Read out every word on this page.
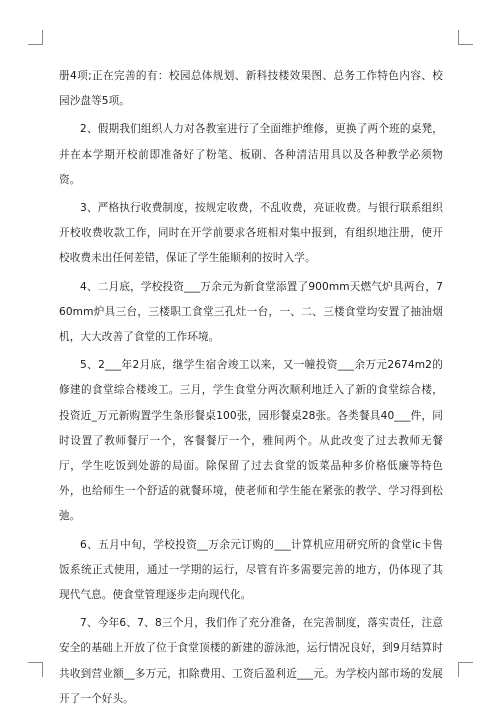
册4项;正在完善的有：校园总体规划、新科技楼效果图、总务工作特色内容、校园沙盘等5项。

2、假期我们组织人力对各教室进行了全面维护维修，更换了两个班的桌凳，并在本学期开校前即准备好了粉笔、板刷、各种清洁用具以及各种教学必须物资。

3、严格执行收费制度，按规定收费，不乱收费，亮证收费。与银行联系组织开校收费收款工作，同时在开学前要求各班相对集中报到，有组织地注册，使开校收费未出任何差错，保证了学生能顺利的按时入学。

4、二月底，学校投资___万余元为新食堂添置了900mm天燃气炉具两台，760mm炉具三台，三楼职工食堂三孔灶一台，一、二、三楼食堂均安置了抽油烟机，大大改善了食堂的工作环境。

5、2___年2月底，继学生宿舍竣工以来，又一幢投资___余万元2674m2的修建的食堂综合楼竣工。三月，学生食堂分两次顺利地迁入了新的食堂综合楼，投资近_万元新购置学生条形餐桌100张，园形餐桌28张。各类餐具40___件，同时设置了教师餐厅一个，客餐餐厅一个，雅间两个。从此改变了过去教师无餐厅，学生吃饭到处游的局面。除保留了过去食堂的饭菜品种多价格低廉等特色外，也给师生一个舒适的就餐环境，使老师和学生能在紧张的教学、学习得到松弛。

6、五月中旬，学校投资__万余元订购的___计算机应用研究所的食堂ic卡售饭系统正式使用，通过一学期的运行，尽管有许多需要完善的地方，仍体现了其现代气息。使食堂管理逐步走向现代化。

7、今年6、7、8三个月，我们作了充分准备，在完善制度，落实责任，注意安全的基础上开放了位于食堂顶楼的新建的游泳池，运行情况良好，到9月结算时共收到营业额__多万元，扣除费用、工资后盈利近___元。为学校内部市场的发展开了一个好头。
